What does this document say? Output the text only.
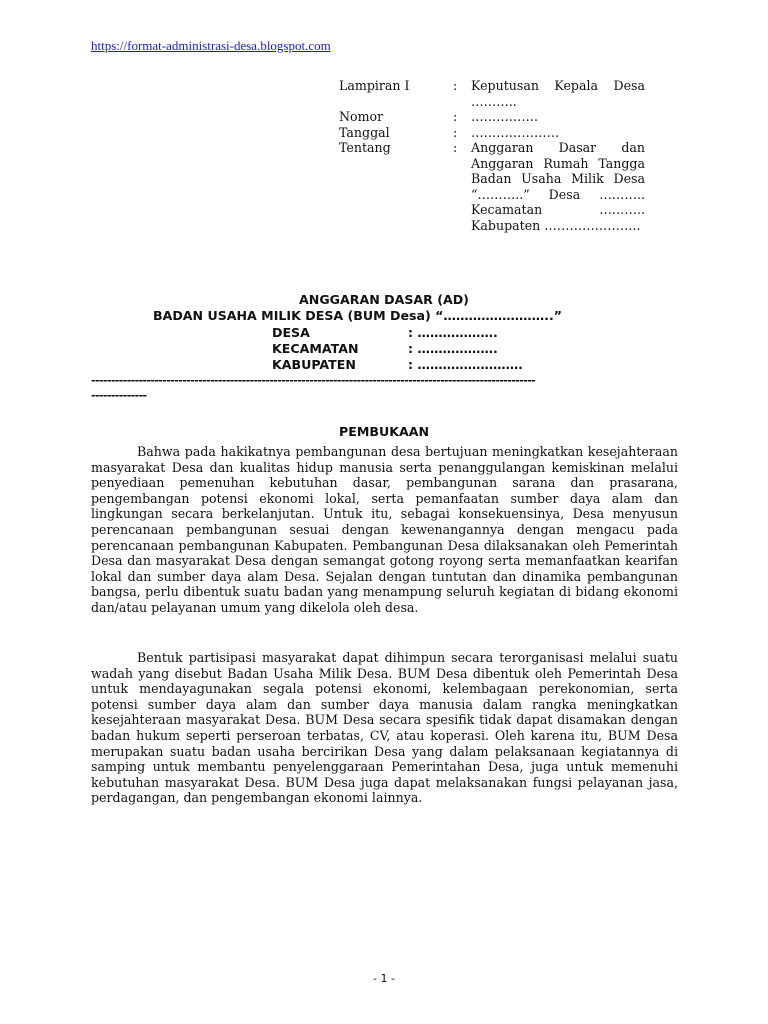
https://format-administrasi-desa.blogspot.com
Lampiran I	:	Keputusan Kepala Desa ………..
Nomor	:	…………….
Tanggal	:	…………………
Tentang	:	Anggaran Dasar dan Anggaran Rumah Tangga Badan Usaha Milik Desa “………..” Desa ……….. Kecamatan ……….. Kabupaten …………………..
ANGGARAN DASAR (AD)
BADAN USAHA MILIK DESA (BUM Desa) “……………………..”
DESA	: ……………….
KECAMATAN	: ……………….
KABUPATEN	: …………………….
----------------------------------------------------------------------------------------------------------------
--------------
PEMBUKAAN

Bahwa pada hakikatnya pembangunan desa bertujuan meningkatkan kesejahteraan masyarakat Desa dan kualitas hidup manusia serta penanggulangan kemiskinan melalui penyediaan pemenuhan kebutuhan dasar, pembangunan sarana dan prasarana, pengembangan potensi ekonomi lokal, serta pemanfaatan sumber daya alam dan lingkungan secara berkelanjutan. Untuk itu, sebagai konsekuensinya, Desa menyusun perencanaan pembangunan sesuai dengan kewenangannya dengan mengacu pada perencanaan pembangunan Kabupaten. Pembangunan Desa dilaksanakan oleh Pemerintah Desa dan masyarakat Desa dengan semangat gotong royong serta memanfaatkan kearifan lokal dan sumber daya alam Desa. Sejalan dengan tuntutan dan dinamika pembangunan bangsa, perlu dibentuk suatu badan yang menampung seluruh kegiatan di bidang ekonomi dan/atau pelayanan umum yang dikelola oleh desa.

Bentuk partisipasi masyarakat dapat dihimpun secara terorganisasi melalui suatu wadah yang disebut Badan Usaha Milik Desa. BUM Desa dibentuk oleh Pemerintah Desa untuk mendayagunakan segala potensi ekonomi, kelembagaan perekonomian, serta potensi sumber daya alam dan sumber daya manusia dalam rangka meningkatkan kesejahteraan masyarakat Desa. BUM Desa secara spesifik tidak dapat disamakan dengan badan hukum seperti perseroan terbatas, CV, atau koperasi. Oleh karena itu, BUM Desa merupakan suatu badan usaha bercirikan Desa yang dalam pelaksanaan kegiatannya di samping untuk membantu penyelenggaraan Pemerintahan Desa, juga untuk memenuhi kebutuhan masyarakat Desa. BUM Desa juga dapat melaksanakan fungsi pelayanan jasa, perdagangan, dan pengembangan ekonomi lainnya.

- 1 -
